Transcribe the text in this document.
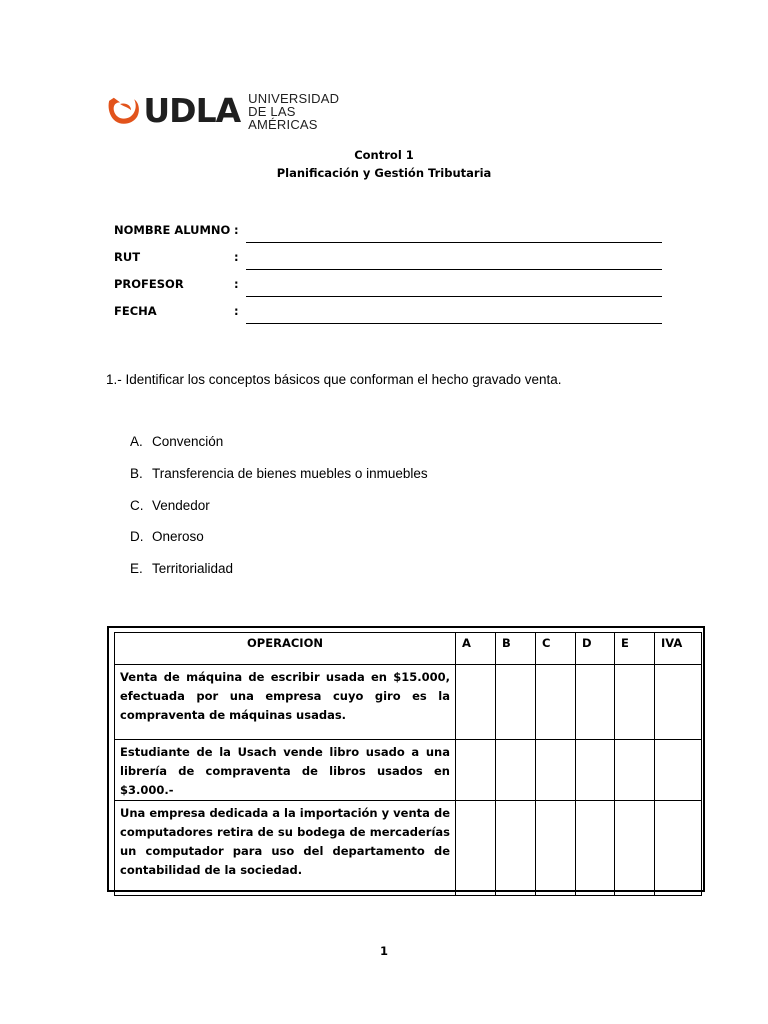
UDLA UNIVERSIDAD
DE LAS AMÉRICAS
Control 1
Planificación y Gestión Tributaria
NOMBRE ALUMNO :
RUT	:
PROFESOR	:
FECHA	:
1.- Identificar los conceptos básicos que conforman el hecho gravado venta.
A. Convención
B. Transferencia de bienes muebles o inmuebles
C. Vendedor
D. Oneroso
E. Territorialidad
OPERACION	A	B	C	D	E	IVA
Venta de máquina de escribir usada en $15.000, efectuada por una empresa cuyo giro es la compraventa de máquinas usadas.						
Estudiante de la Usach vende libro usado a una librería de compraventa de libros usados en $3.000.-						
Una empresa dedicada a la importación y venta de computadores retira de su bodega de mercaderías un computador para uso del departamento de contabilidad de la sociedad.						
1
